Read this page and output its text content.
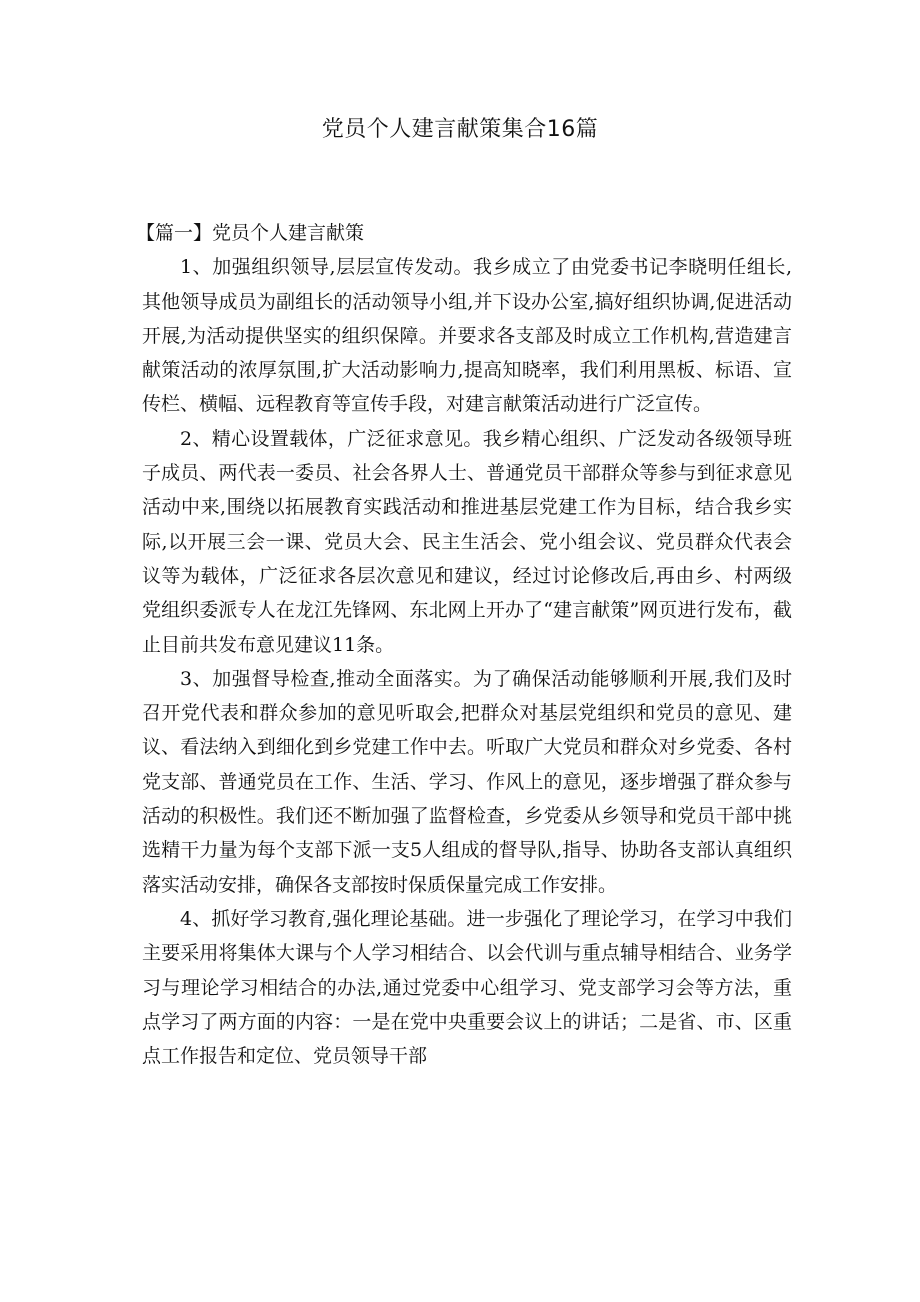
党员个人建言献策集合16篇
【篇一】党员个人建言献策

1、加强组织领导,层层宣传发动。我乡成立了由党委书记李晓明任组长,其他领导成员为副组长的活动领导小组,并下设办公室,搞好组织协调,促进活动开展,为活动提供坚实的组织保障。并要求各支部及时成立工作机构,营造建言献策活动的浓厚氛围,扩大活动影响力,提高知晓率，我们利用黑板、标语、宣传栏、横幅、远程教育等宣传手段，对建言献策活动进行广泛宣传。

2、精心设置载体，广泛征求意见。我乡精心组织、广泛发动各级领导班子成员、两代表一委员、社会各界人士、普通党员干部群众等参与到征求意见活动中来,围绕以拓展教育实践活动和推进基层党建工作为目标，结合我乡实际,以开展三会一课、党员大会、民主生活会、党小组会议、党员群众代表会议等为载体，广泛征求各层次意见和建议，经过讨论修改后,再由乡、村两级党组织委派专人在龙江先锋网、东北网上开办了“建言献策”网页进行发布，截止目前共发布意见建议11条。

3、加强督导检查,推动全面落实。为了确保活动能够顺利开展,我们及时召开党代表和群众参加的意见听取会,把群众对基层党组织和党员的意见、建议、看法纳入到细化到乡党建工作中去。听取广大党员和群众对乡党委、各村党支部、普通党员在工作、生活、学习、作风上的意见，逐步增强了群众参与活动的积极性。我们还不断加强了监督检查，乡党委从乡领导和党员干部中挑选精干力量为每个支部下派一支5人组成的督导队,指导、协助各支部认真组织落实活动安排，确保各支部按时保质保量完成工作安排。

4、抓好学习教育,强化理论基础。进一步强化了理论学习，在学习中我们主要采用将集体大课与个人学习相结合、以会代训与重点辅导相结合、业务学习与理论学习相结合的办法,通过党委中心组学习、党支部学习会等方法，重点学习了两方面的内容：一是在党中央重要会议上的讲话；二是省、市、区重点工作报告和定位、党员领导干部
